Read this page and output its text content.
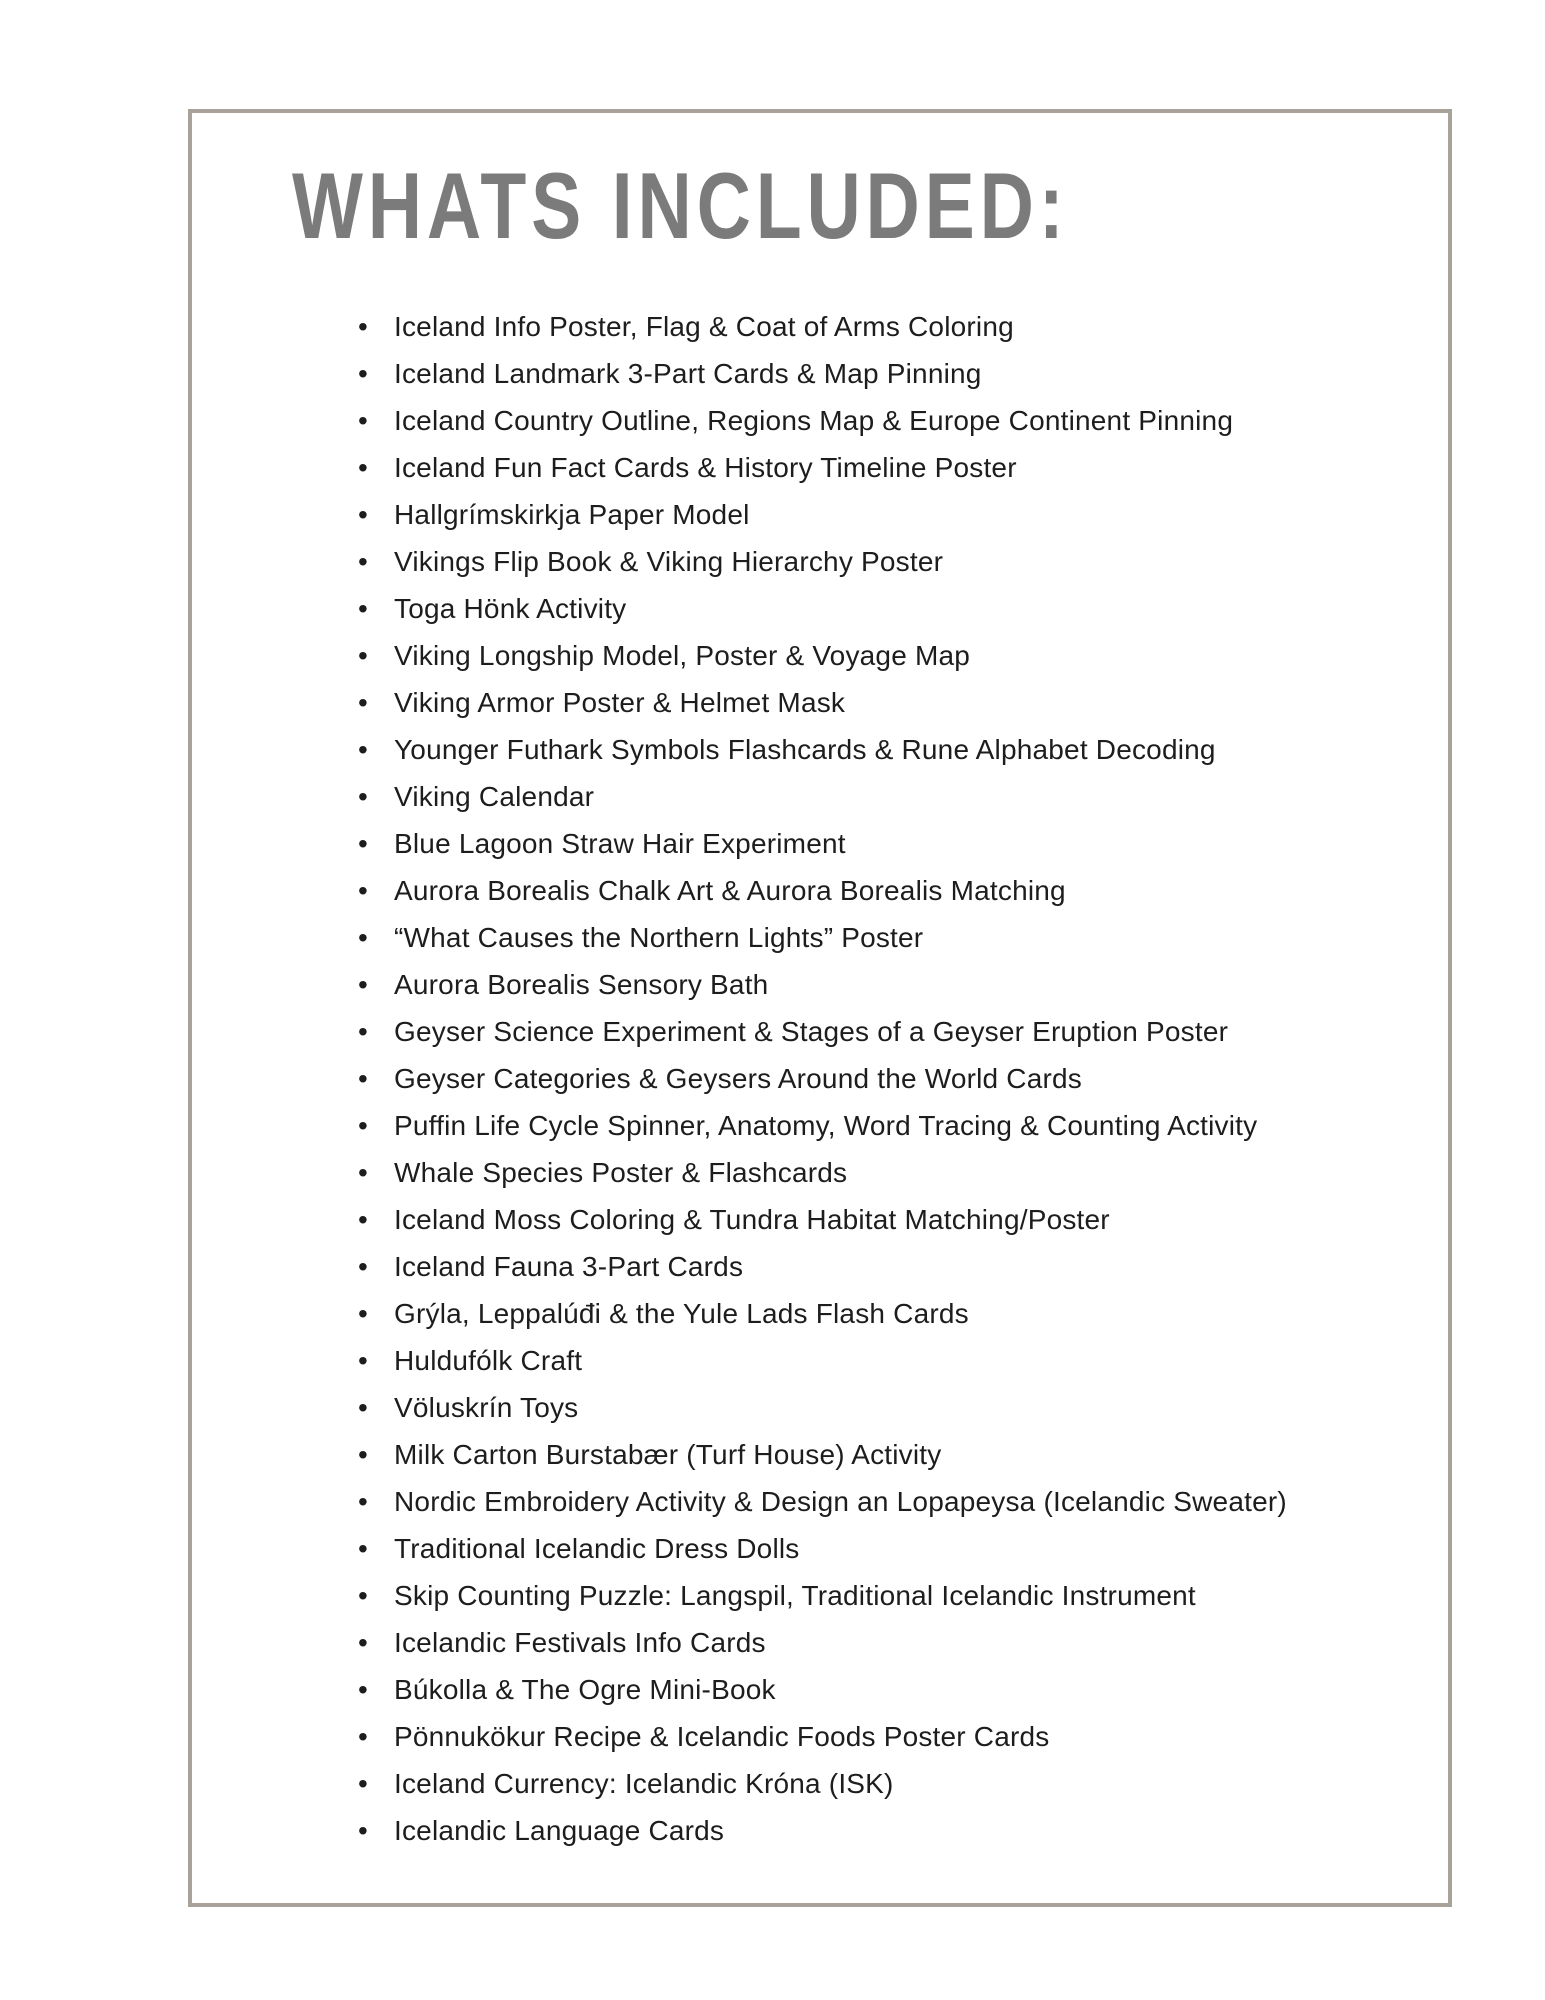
WHATS INCLUDED:
• Iceland Info Poster, Flag & Coat of Arms Coloring
• Iceland Landmark 3-Part Cards & Map Pinning
• Iceland Country Outline, Regions Map & Europe Continent Pinning
• Iceland Fun Fact Cards & History Timeline Poster
• Hallgrímskirkja Paper Model
• Vikings Flip Book & Viking Hierarchy Poster
• Toga Hönk Activity
• Viking Longship Model, Poster & Voyage Map
• Viking Armor Poster & Helmet Mask
• Younger Futhark Symbols Flashcards & Rune Alphabet Decoding
• Viking Calendar
• Blue Lagoon Straw Hair Experiment
• Aurora Borealis Chalk Art & Aurora Borealis Matching
• “What Causes the Northern Lights” Poster
• Aurora Borealis Sensory Bath
• Geyser Science Experiment & Stages of a Geyser Eruption Poster
• Geyser Categories & Geysers Around the World Cards
• Puffin Life Cycle Spinner, Anatomy, Word Tracing & Counting Activity
• Whale Species Poster & Flashcards
• Iceland Moss Coloring & Tundra Habitat Matching/Poster
• Iceland Fauna 3-Part Cards
• Grýla, Leppalúđi & the Yule Lads Flash Cards
• Huldufólk Craft
• Völuskrín Toys
• Milk Carton Burstabær (Turf House) Activity
• Nordic Embroidery Activity & Design an Lopapeysa (Icelandic Sweater)
• Traditional Icelandic Dress Dolls
• Skip Counting Puzzle: Langspil, Traditional Icelandic Instrument
• Icelandic Festivals Info Cards
• Búkolla & The Ogre Mini-Book
• Pönnukökur Recipe & Icelandic Foods Poster Cards
• Iceland Currency: Icelandic Króna (ISK)
• Icelandic Language Cards
